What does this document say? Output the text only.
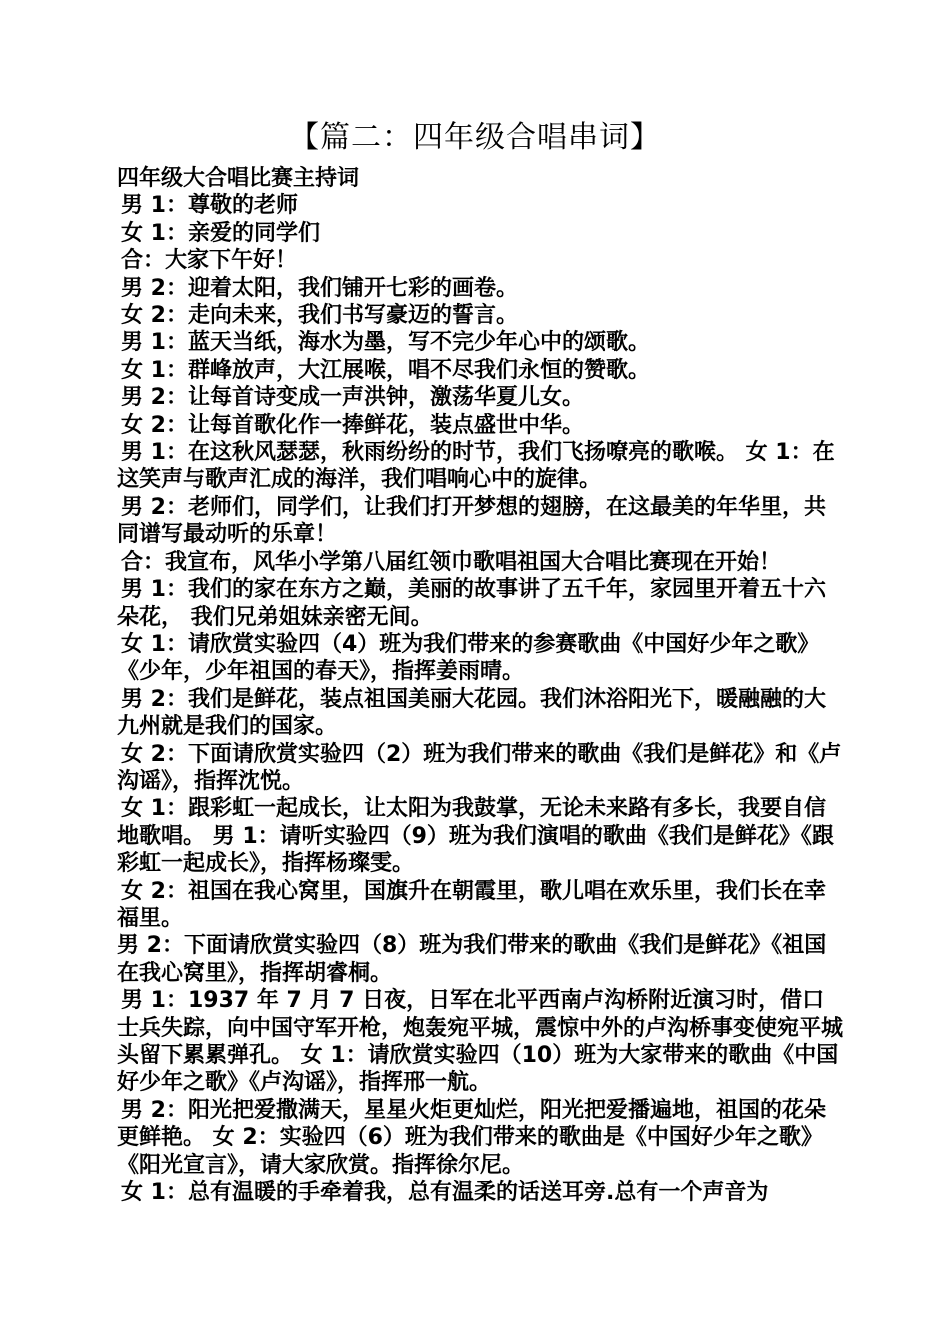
【篇二：四年级合唱串词】

四年级大合唱比赛主持词

男 1：尊敬的老师

女 1：亲爱的同学们

合：大家下午好！

男 2：迎着太阳，我们铺开七彩的画卷。

女 2：走向未来，我们书写豪迈的誓言。

男 1：蓝天当纸，海水为墨，写不完少年心中的颂歌。

女 1：群峰放声，大江展喉，唱不尽我们永恒的赞歌。

男 2：让每首诗变成一声洪钟，激荡华夏儿女。

女 2：让每首歌化作一捧鲜花，装点盛世中华。

男 1：在这秋风瑟瑟，秋雨纷纷的时节，我们飞扬嘹亮的歌喉。 女 1：在这笑声与歌声汇成的海洋，我们唱响心中的旋律。

男 2：老师们，同学们，让我们打开梦想的翅膀，在这最美的年华里，共同谱写最动听的乐章！

合：我宣布，风华小学第八届红领巾歌唱祖国大合唱比赛现在开始！

男 1：我们的家在东方之巅，美丽的故事讲了五千年，家园里开着五十六朵花， 我们兄弟姐妹亲密无间。

女 1：请欣赏实验四（4）班为我们带来的参赛歌曲《中国好少年之歌》《少年，少年祖国的春天》，指挥姜雨晴。

男 2：我们是鲜花，装点祖国美丽大花园。我们沐浴阳光下，暖融融的大九州就是我们的国家。

女 2：下面请欣赏实验四（2）班为我们带来的歌曲《我们是鲜花》和《卢沟谣》，指挥沈悦。

女 1：跟彩虹一起成长，让太阳为我鼓掌，无论未来路有多长，我要自信地歌唱。 男 1：请听实验四（9）班为我们演唱的歌曲《我们是鲜花》《跟彩虹一起成长》，指挥杨璨雯。

女 2：祖国在我心窝里，国旗升在朝霞里，歌儿唱在欢乐里，我们长在幸福里。

男 2：下面请欣赏实验四（8）班为我们带来的歌曲《我们是鲜花》《祖国在我心窝里》，指挥胡睿桐。

男 1：1937 年 7 月 7 日夜，日军在北平西南卢沟桥附近演习时，借口士兵失踪，向中国守军开枪，炮轰宛平城，震惊中外的卢沟桥事变使宛平城头留下累累弹孔。 女 1：请欣赏实验四（10）班为大家带来的歌曲《中国好少年之歌》《卢沟谣》，指挥邢一航。

男 2：阳光把爱撒满天，星星火炬更灿烂，阳光把爱播遍地，祖国的花朵更鲜艳。 女 2：实验四（6）班为我们带来的歌曲是《中国好少年之歌》《阳光宣言》，请大家欣赏。指挥徐尔尼。

女 1：总有温暖的手牵着我，总有温柔的话送耳旁.总有一个声音为
